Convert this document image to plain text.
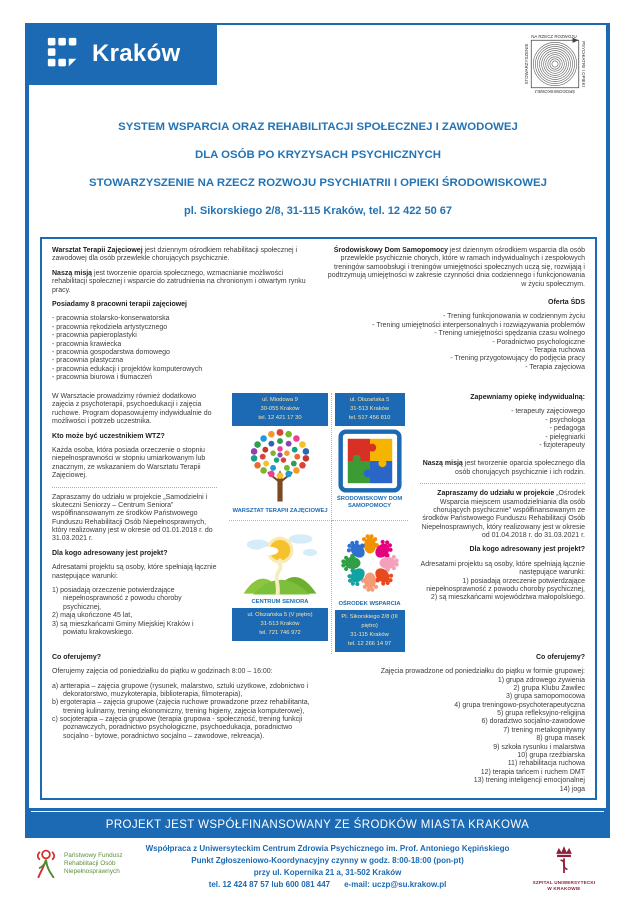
Kraków
NA RZECZ ROZWOJU
PSYCHIATRII I OPIEKI
ŚRODOWISKOWEJ
STOWARZYSZENIE
SYSTEM WSPARCIA ORAZ REHABILITACJI SPOŁECZNEJ I ZAWODOWEJ
DLA OSÓB PO KRYZYSACH PSYCHICZNYCH
STOWARZYSZENIE NA RZECZ ROZWOJU PSYCHIATRII I OPIEKI ŚRODOWISKOWEJ
pl. Sikorskiego 2/8, 31-115 Kraków, tel. 12 422 50 67
Warsztat Terapii Zajęciowej jest dziennym ośrodkiem rehabilitacji społecznej i zawodowej dla osób przewlekle chorujących psychicznie.
Naszą misją jest tworzenie oparcia społecznego, wzmacnianie możliwości rehabilitacji społecznej i wsparcie do zatrudnienia na chronionym i otwartym rynku pracy.
Posiadamy 8 pracowni terapii zajęciowej
- pracownia stolarsko-konserwatorska
- pracownia rękodzieła artystycznego
- pracownia papieroplastyki
- pracownia krawiecka
- pracownia gospodarstwa domowego
- pracownia plastyczna
- pracownia edukacji i projektów komputerowych
- pracownia biurowa i tłumaczeń
Środowiskowy Dom Samopomocy jest dziennym ośrodkiem wsparcia dla osób przewlekle psychicznie chorych, które w ramach indywidualnych i zespołowych treningów samoobsługi i treningów umiejętności społecznych uczą się, rozwijają i podtrzymują umiejętności w zakresie czynności dnia codziennego i funkcjonowania w życiu społecznym.
Oferta ŚDS
- Trening funkcjonowania w codziennym życiu
- Trening umiejętności interpersonalnych i rozwiązywania problemów
- Trening umiejętności spędzania czasu wolnego
- Poradnictwo psychologiczne
- Terapia ruchowa
- Trening przygotowujący do podjęcia pracy
- Terapia zajęciowa
W Warsztacie prowadzimy również dodatkowo zajęcia z psychoterapii, psychoedukacji i zajęcia ruchowe. Program dopasowujemy indywidualnie do możliwości i potrzeb uczestnika.
Kto może być uczestnikiem WTZ?
Każda osoba, która posiada orzeczenie o stopniu niepełnosprawności w stopniu umiarkowanym lub znacznym, ze wskazaniem do Warsztatu Terapii Zajęciowej.
Zapraszamy do udziału w projekcie „Samodzielni i skuteczni Seniorzy – Centrum Seniora” współfinansowanym ze środków Państwowego Funduszu Rehabilitacji Osób Niepełnosprawnych, który realizowany jest w okresie od 01.01.2018 r. do 31.03.2021 r.
Dla kogo adresowany jest projekt?
Adresatami projektu są osoby, które spełniają łącznie następujące warunki:
1) posiadają orzeczenie potwierdzające niepełnosprawność z powodu choroby psychicznej,
2) mają ukończone 45 lat,
3) są mieszkańcami Gminy Miejskiej Kraków i powiatu krakowskiego.
ul. Miodowa 9
30-055 Kraków
tel. 12 421 17 30
WARSZTAT TERAPII ZAJĘCIOWEJ
ul. Olszańska 5
31-513 Kraków
tel. 517 456 810
ŚRODOWISKOWY DOM SAMOPOMOCY
CENTRUM SENIORA
ul. Olszańska 5 (V piętro)
31-513 Kraków
tel. 721 746 972
OŚRODEK WSPARCIA
Pl. Sikorskiego 2/8 (III piętro)
31-115 Kraków
tel. 12 266 14 97
Zapewniamy opiekę indywidualną:
- terapeuty zajęciowego
- psychologa
- pedagoga
- pielęgniarki
- fizjoterapeuty
Naszą misją jest tworzenie oparcia społecznego dla osób chorujących psychicznie i ich rodzin.
Zapraszamy do udziału w projekcie „Ośrodek Wsparcia miejscem usamodzielniania dla osób chorujących psychicznie” współfinansowanym ze środków Państwowego Funduszu Rehabilitacji Osób Niepełnosprawnych, który realizowany jest w okresie od 01.04.2018 r. do 31.03.2021 r.
Dla kogo adresowany jest projekt?
Adresatami projektu są osoby, które spełniają łącznie następujące warunki:
1) posiadają orzeczenie potwierdzające niepełnosprawność z powodu choroby psychicznej,
2) są mieszkańcami województwa małopolskiego.
Co oferujemy?
Oferujemy zajęcia od poniedziałku do piątku w godzinach 8:00 – 16:00:
a) artterapia – zajęcia grupowe (rysunek, malarstwo, sztuki użytkowe, zdobnictwo i dekoratorstwo, muzykoterapia, biblioterapia, filmoterapia),
b) ergoterapia – zajęcia grupowe (zajęcia ruchowe prowadzone przez rehabilitanta, trening kulinarny, trening ekonomiczny, trening higieny, zajęcia komputerowe),
c) socjoterapia – zajęcia grupowe (terapia grupowa - społeczność, trening funkcji poznawczych, poradnictwo psychologiczne, psychoedukacja, poradnictwo socjalno - bytowe, poradnictwo socjalno – zawodowe, rekreacja).
Co oferujemy?
Zajęcia prowadzone od poniedziałku do piątku w formie grupowej:
1) grupa zdrowego żywienia
2) grupa Klubu Zawilec
3) grupa samopomocowa
4) grupa treningowo-psychoterapeutyczna
5) grupa refleksyjno-religijna
6) doradztwo socjalno-zawodowe
7) trening metakognitywny
8) grupa masek
9) szkoła rysunku i malarstwa
10) grupa rzeźbiarska
11) rehabilitacja ruchowa
12) terapia tańcem i ruchem DMT
13) trening inteligencji emocjonalnej
14) joga
PROJEKT JEST WSPÓŁFINANSOWANY ZE ŚRODKÓW MIASTA KRAKOWA
Państwowy Fundusz
Rehabilitacji Osób
Niepełnosprawnych
Współpraca z Uniwersyteckim Centrum Zdrowia Psychicznego im. Prof. Antoniego Kępińskiego
Punkt Zgłoszeniowo-Koordynacyjny czynny w godz. 8:00-18:00 (pon-pt)
przy ul. Kopernika 21 a, 31-502 Kraków
tel. 12 424 87 57 lub 600 081 447 e-mail: uczp@su.krakow.pl	SZPITAL UNIWERSYTECKI
W KRAKOWIE
